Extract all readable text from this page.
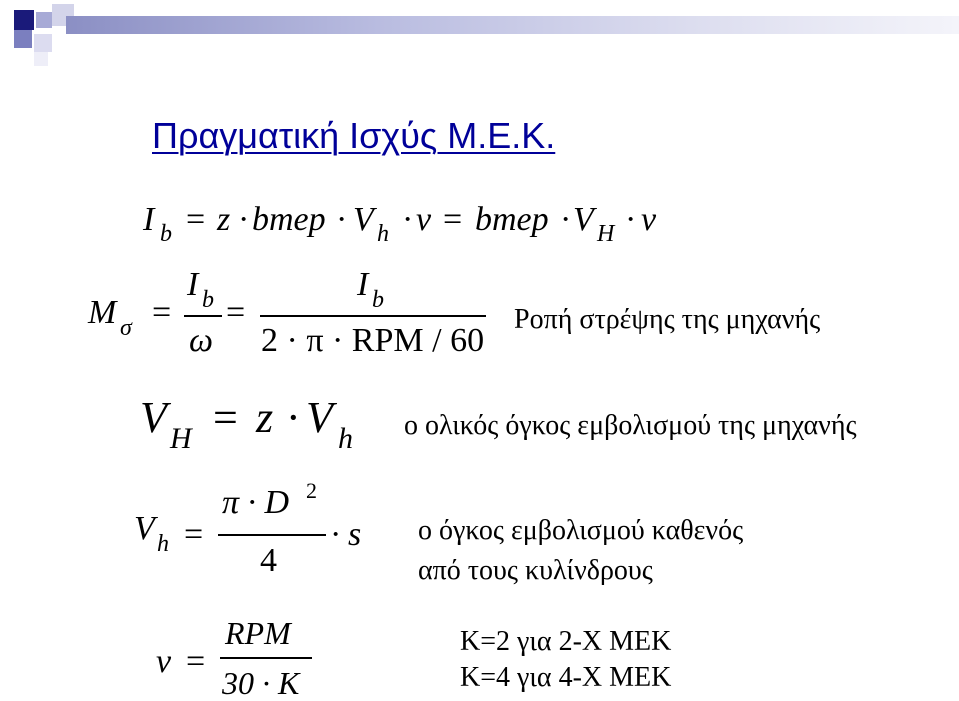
Πραγματική Ισχύς Μ.Ε.Κ.
I b = z · bmep · V h · ν = bmep · V H · ν
M σ =
I b
ω
=
I b
2 · π · RPM / 60
Ροπή στρέψης της μηχανής
V H = z · V h ο ολικός όγκος εμβολισμού της μηχανής
V h =
π · D 2
4
· s ο όγκος εμβολισμού καθενός
από τους κυλίνδρους
ν =
RPM
30 · K
Κ=2 για 2-Χ ΜΕΚ
Κ=4 για 4-Χ ΜΕΚ
